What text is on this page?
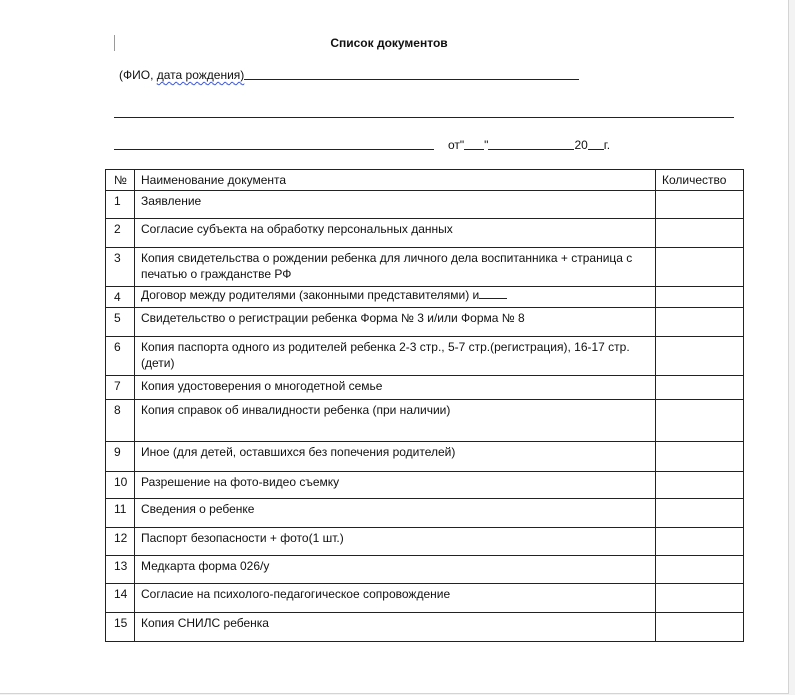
Список документов
(ФИО, дата рождения)
от" "	20 г.
№	Наименование документа	Количество
1	Заявление	
2	Согласие субъекта на обработку персональных данных	
3	Копия свидетельства о рождении ребенка для личного дела воспитанника + страница с печатью о гражданстве РФ	
4	Договор между родителями (законными представителями) и	
5	Свидетельство о регистрации ребенка Форма № 3 и/или Форма № 8	
6	Копия паспорта одного из родителей ребенка 2-3 стр., 5-7 стр.(регистрация), 16-17 стр.(дети)	
7	Копия удостоверения о многодетной семье	
8	Копия справок об инвалидности ребенка (при наличии)	
9	Иное (для детей, оставшихся без попечения родителей)	
10	Разрешение на фото-видео съемку	
11	Сведения о ребенке	
12	Паспорт безопасности + фото(1 шт.)	
13	Медкарта форма 026/у	
14	Согласие на психолого-педагогическое сопровождение	
15	Копия СНИЛС ребенка	
